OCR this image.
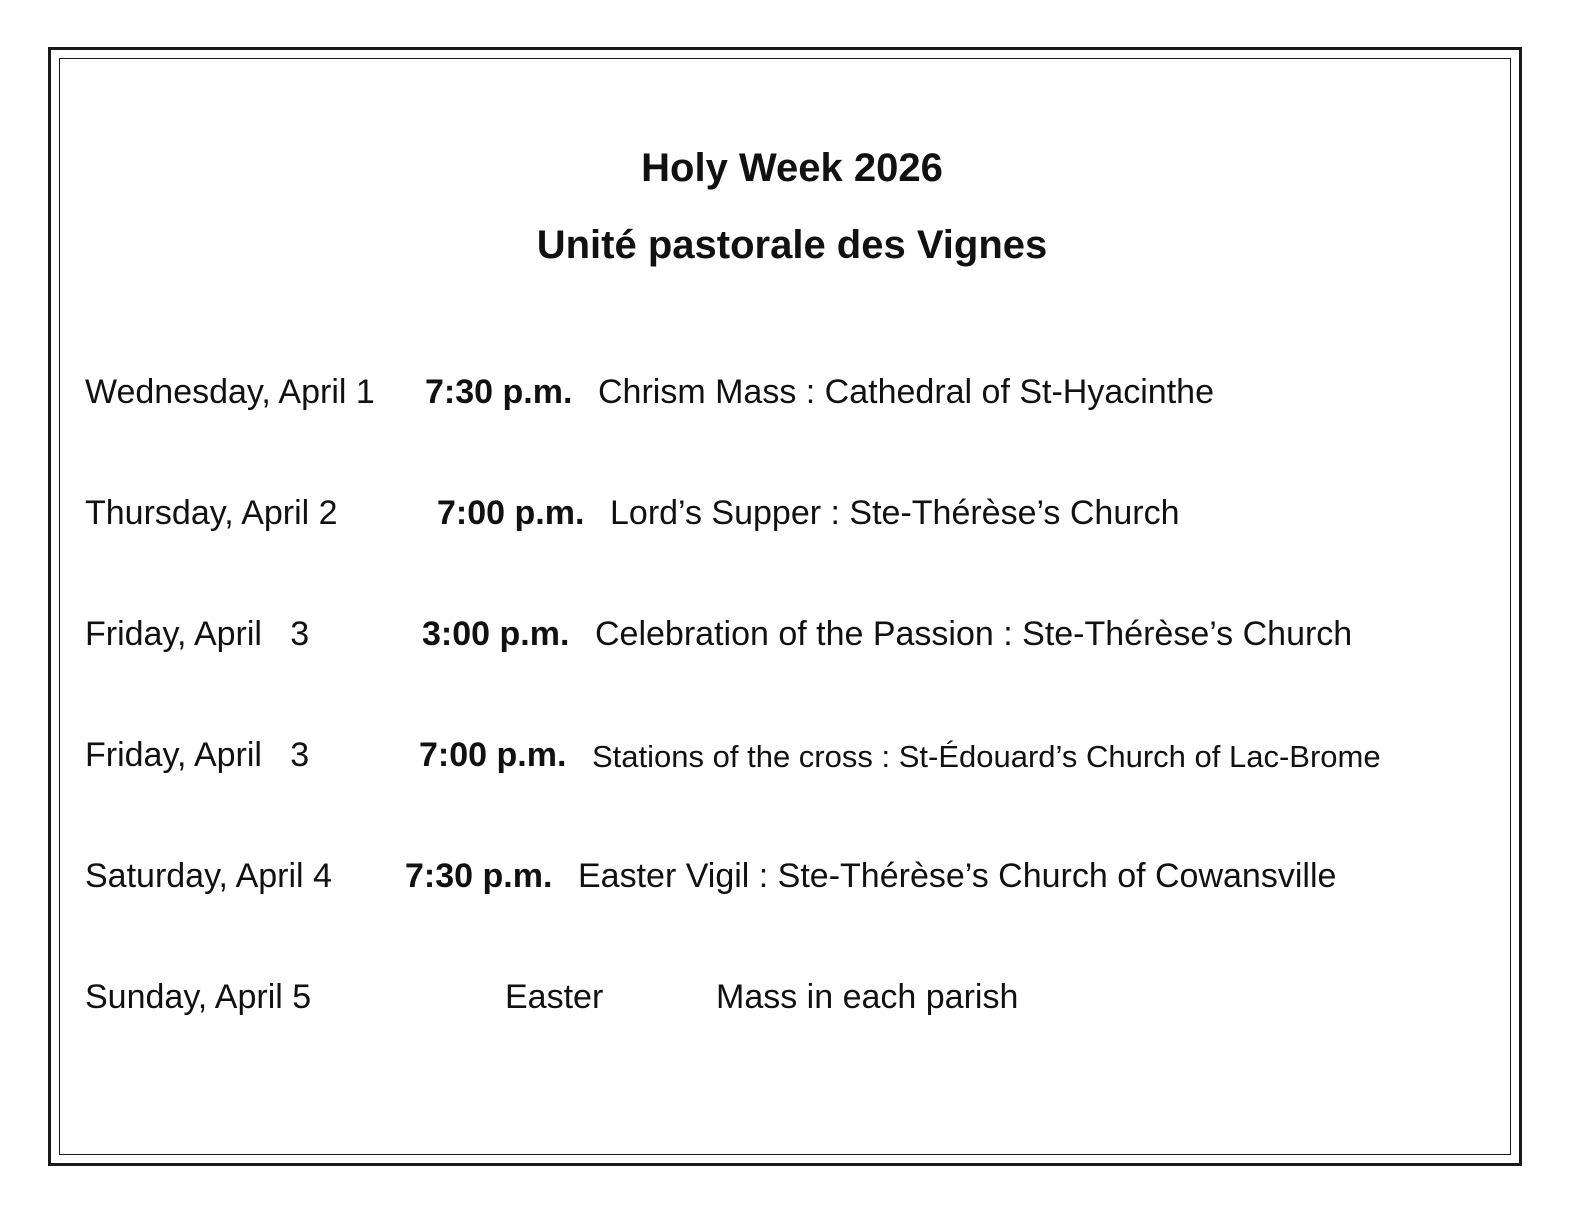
Holy Week 2026
Unité pastorale des Vignes
Wednesday, April 1 7:30 p.m. Chrism Mass : Cathedral of St-Hyacinthe
Thursday, April 2	7:00 p.m. Lord’s Supper : Ste-Thérèse’s Church
Friday, April   3	3:00 p.m. Celebration of the Passion : Ste-Thérèse’s Church
Friday, April   3	7:00 p.m. Stations of the cross : St-Édouard’s Church of Lac-Brome
Saturday, April 4 7:30 p.m. Easter Vigil : Ste-Thérèse’s Church of Cowansville
Sunday, April 5	Easter	Mass in each parish
